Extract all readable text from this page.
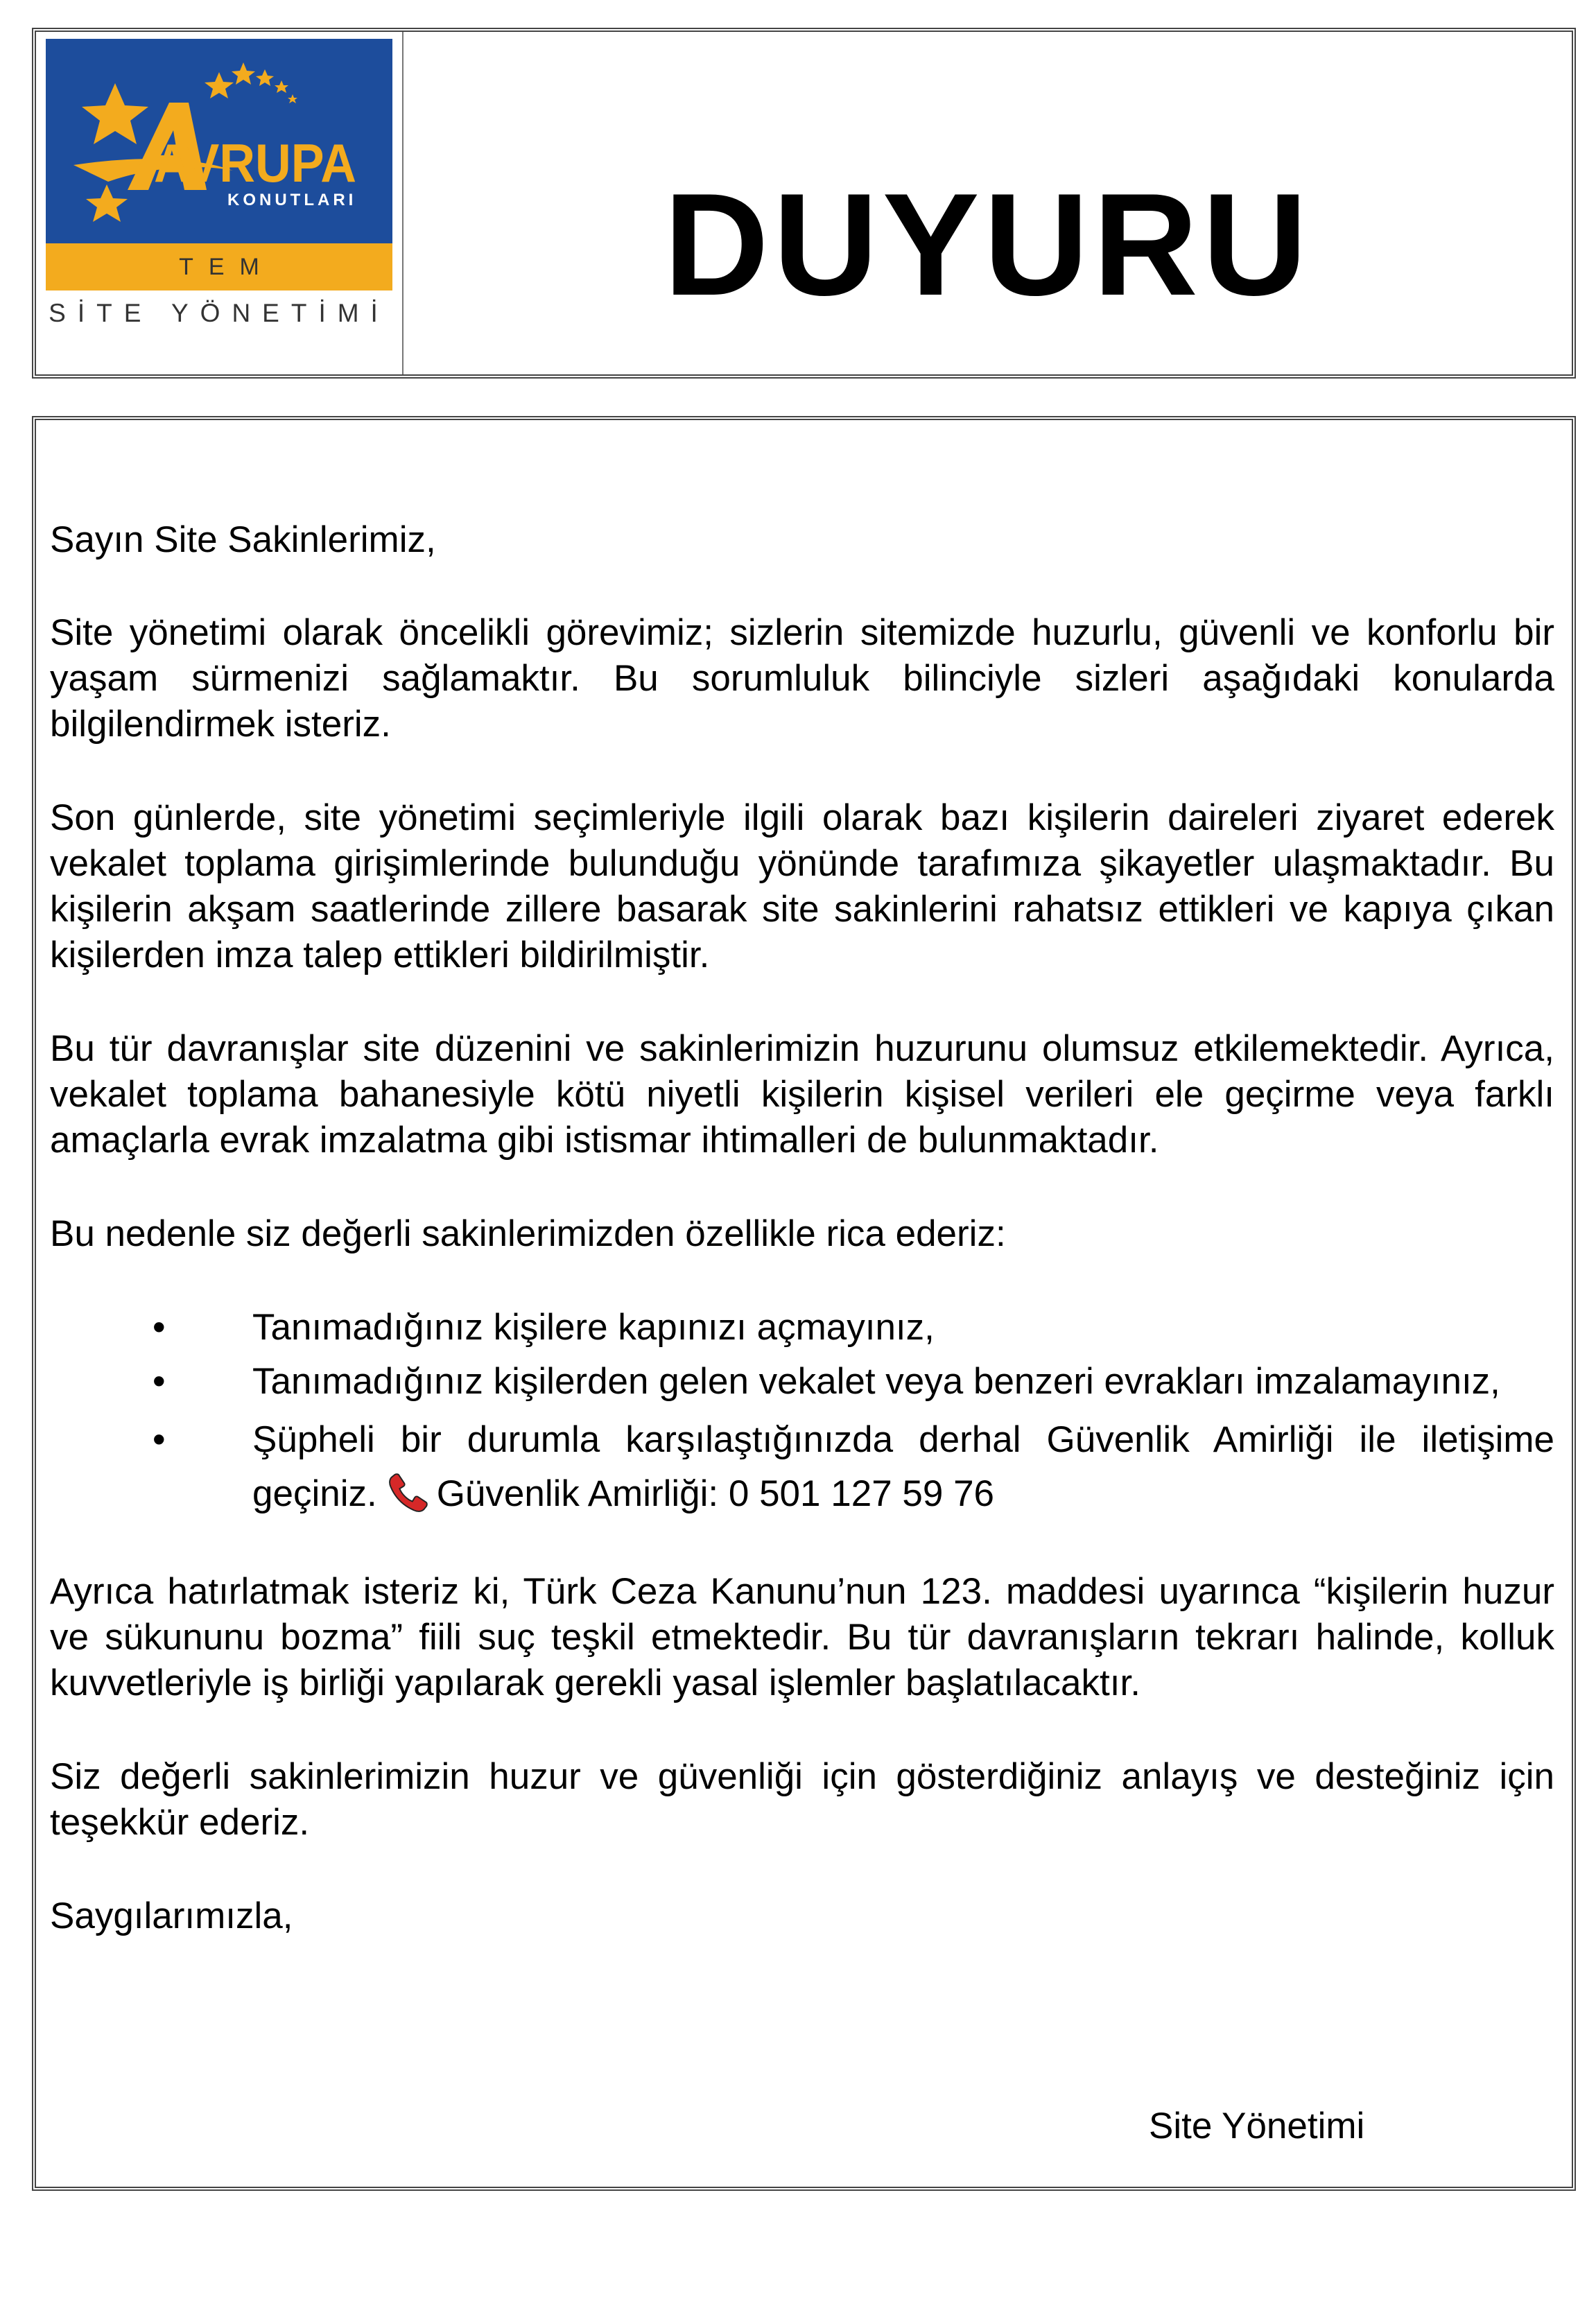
AVRUPA
KONUTLARI
TEM
SİTE YÖNETİMİ	DUYURU

Sayın Site Sakinlerimiz,

Site yönetimi olarak öncelikli görevimiz; sizlerin sitemizde huzurlu, güvenli ve konforlu bir yaşam sürmenizi sağlamaktır. Bu sorumluluk bilinciyle sizleri aşağıdaki konularda bilgilendirmek isteriz.

Son günlerde, site yönetimi seçimleriyle ilgili olarak bazı kişilerin daireleri ziyaret ederek vekalet toplama girişimlerinde bulunduğu yönünde tarafımıza şikayetler ulaşmaktadır. Bu kişilerin akşam saatlerinde zillere basarak site sakinlerini rahatsız ettikleri ve kapıya çıkan kişilerden imza talep ettikleri bildirilmiştir.

Bu tür davranışlar site düzenini ve sakinlerimizin huzurunu olumsuz etkilemektedir. Ayrıca, vekalet toplama bahanesiyle kötü niyetli kişilerin kişisel verileri ele geçirme veya farklı amaçlarla evrak imzalatma gibi istismar ihtimalleri de bulunmaktadır.

Bu nedenle siz değerli sakinlerimizden özellikle rica ederiz:

• Tanımadığınız kişilere kapınızı açmayınız,
• Tanımadığınız kişilerden gelen vekalet veya benzeri evrakları imzalamayınız,
• Şüpheli bir durumla karşılaştığınızda derhal Güvenlik Amirliği ile iletişime geçiniz. Güvenlik Amirliği: 0 501 127 59 76

Ayrıca hatırlatmak isteriz ki, Türk Ceza Kanunu’nun 123. maddesi uyarınca “kişilerin huzur ve sükununu bozma” fiili suç teşkil etmektedir. Bu tür davranışların tekrarı halinde, kolluk kuvvetleriyle iş birliği yapılarak gerekli yasal işlemler başlatılacaktır.

Siz değerli sakinlerimizin huzur ve güvenliği için gösterdiğiniz anlayış ve desteğiniz için teşekkür ederiz.

Saygılarımızla,

Site Yönetimi
